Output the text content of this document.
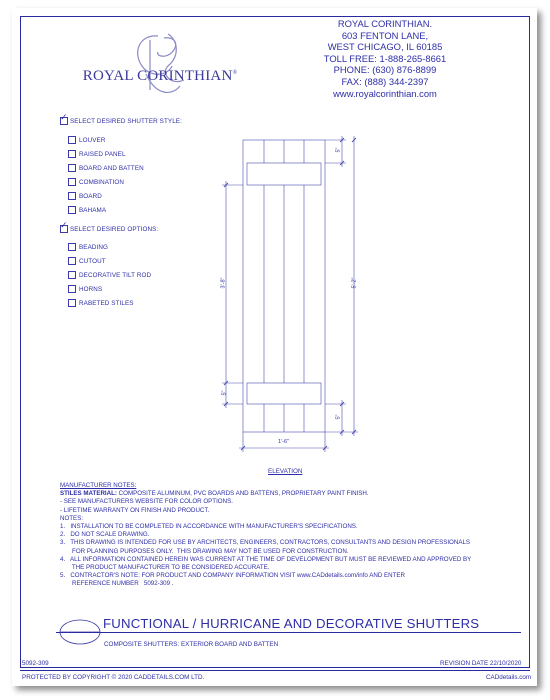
ROYAL CORINTHIAN®
ROYAL CORINTHIAN.
603 FENTON LANE,
WEST CHICAGO, IL 60185
TOLL FREE: 1-888-265-8661
PHONE: (630) 876-8899
FAX: (888) 344-2397
www.royalcorinthian.com
✓ SELECT DESIRED SHUTTER STYLE:
LOUVER
RAISED PANEL
BOARD AND BATTEN
COMBINATION
BOARD
BAHAMA
✓ SELECT DESIRED OPTIONS:
BEADING
CUTOUT
DECORATIVE TILT ROD
HORNS
RABETED STILES
5"
5'-2"
3'-8"
5"
5"
1'-6"
ELEVATION
MANUFACTURER NOTES:
STILES MATERIAL: COMPOSITE ALUMINUM, PVC BOARDS AND BATTENS, PROPRIETARY PAINT FINISH.
- SEE MANUFACTURERS WEBSITE FOR COLOR OPTIONS.
- LIFETIME WARRANTY ON FINISH AND PRODUCT.
NOTES:
1.   INSTALLATION TO BE COMPLETED IN ACCORDANCE WITH MANUFACTURER'S SPECIFICATIONS.
2.   DO NOT SCALE DRAWING.
3.   THIS DRAWING IS INTENDED FOR USE BY ARCHITECTS, ENGINEERS, CONTRACTORS, CONSULTANTS AND DESIGN PROFESSIONALS
FOR PLANNING PURPOSES ONLY.  THIS DRAWING MAY NOT BE USED FOR CONSTRUCTION.
4.   ALL INFORMATION CONTAINED HEREIN WAS CURRENT AT THE TIME OF DEVELOPMENT BUT MUST BE REVIEWED AND APPROVED BY
THE PRODUCT MANUFACTURER TO BE CONSIDERED ACCURATE.
5.   CONTRACTOR'S NOTE: FOR PRODUCT AND COMPANY INFORMATION VISIT www.CADdetails.com/info AND ENTER
REFERENCE NUMBER   5092-309 .
FUNCTIONAL / HURRICANE AND DECORATIVE SHUTTERS
COMPOSITE SHUTTERS: EXTERIOR BOARD AND BATTEN
5092-309	REVISION DATE 22/10/2020
PROTECTED BY COPYRIGHT © 2020 CADDETAILS.COM LTD.	CADdetails.com
